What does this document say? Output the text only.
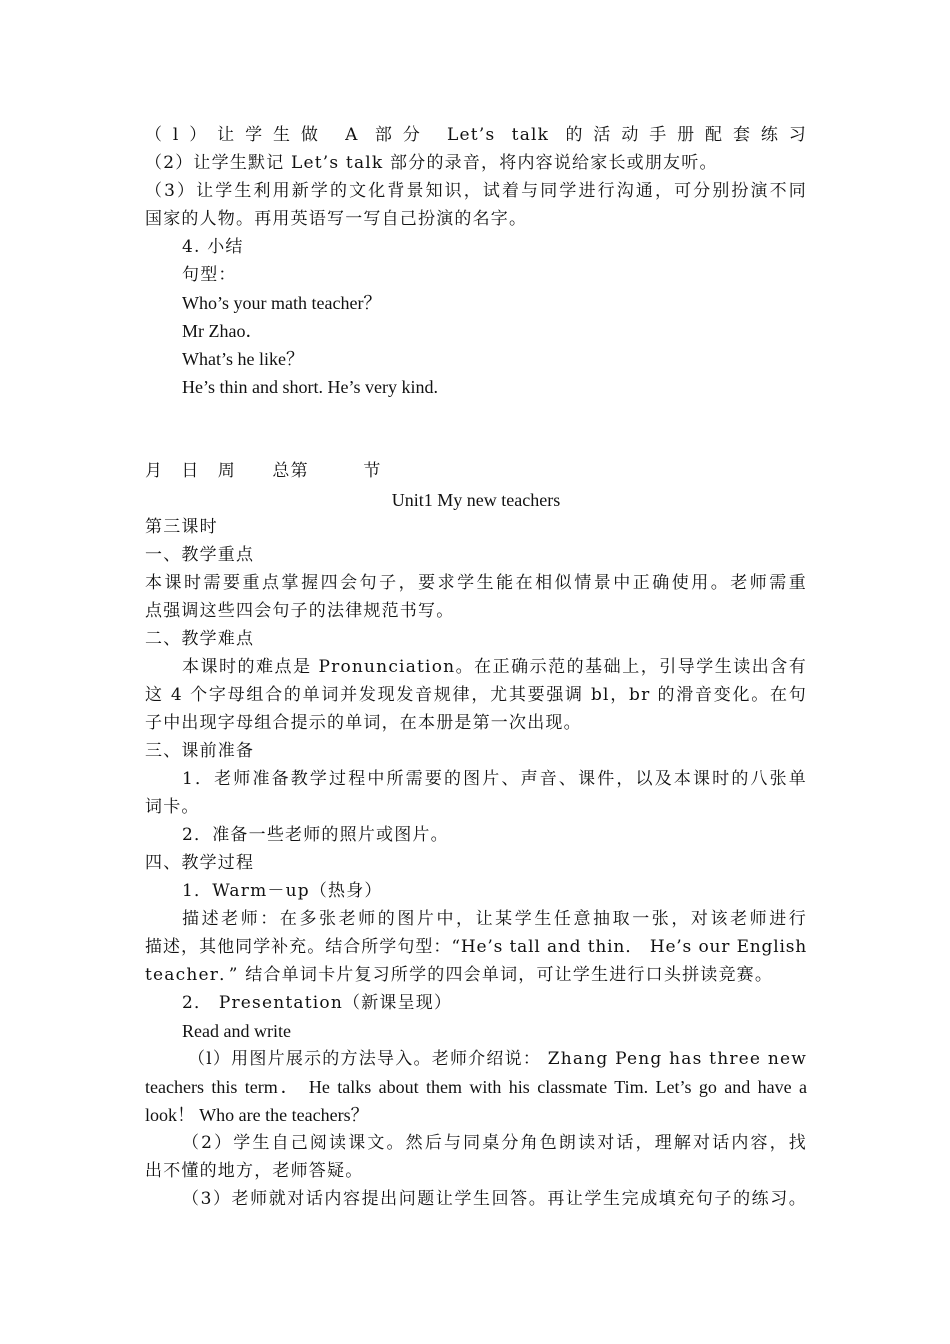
（l）让学生做 A 部分 Let’s talk 的活动手册配套练习
（2）让学生默记 Let’s talk 部分的录音，将内容说给家长或朋友听。
（3）让学生利用新学的文化背景知识，试着与同学进行沟通，可分别扮演不同
国家的人物。再用英语写一写自己扮演的名字。
4. 小结
句型：
Who’s your math teacher？
Mr Zhao．
What’s he like？
He’s thin and short. He’s very kind.
月　日　周　　总第　　　节
Unit1 My new teachers
第三课时
一、教学重点
本课时需要重点掌握四会句子，要求学生能在相似情景中正确使用。老师需重
点强调这些四会句子的法律规范书写。
二、教学难点
本课时的难点是 Pronunciation。在正确示范的基础上，引导学生读出含有
这 4 个字母组合的单词并发现发音规律，尤其要强调 bl，br 的滑音变化。在句
子中出现字母组合提示的单词，在本册是第一次出现。
三、课前准备
1．老师准备教学过程中所需要的图片、声音、课件，以及本课时的八张单
词卡。
2．准备一些老师的照片或图片。
四、教学过程
1．Warm－up（热身）
描述老师：在多张老师的图片中，让某学生任意抽取一张，对该老师进行
描述，其他同学补充。结合所学句型：“He’s tall and thin． He’s our English
teacher．” 结合单词卡片复习所学的四会单词，可让学生进行口头拼读竞赛。
2． Presentation（新课呈现）
Read and write
（l）用图片展示的方法导入。老师介绍说： Zhang Peng has three new
teachers this term． He talks about them with his classmate Tim. Let’s go and have a
look！ Who are the teachers？
（2）学生自己阅读课文。然后与同桌分角色朗读对话，理解对话内容，找
出不懂的地方，老师答疑。
（3）老师就对话内容提出问题让学生回答。再让学生完成填充句子的练习。
